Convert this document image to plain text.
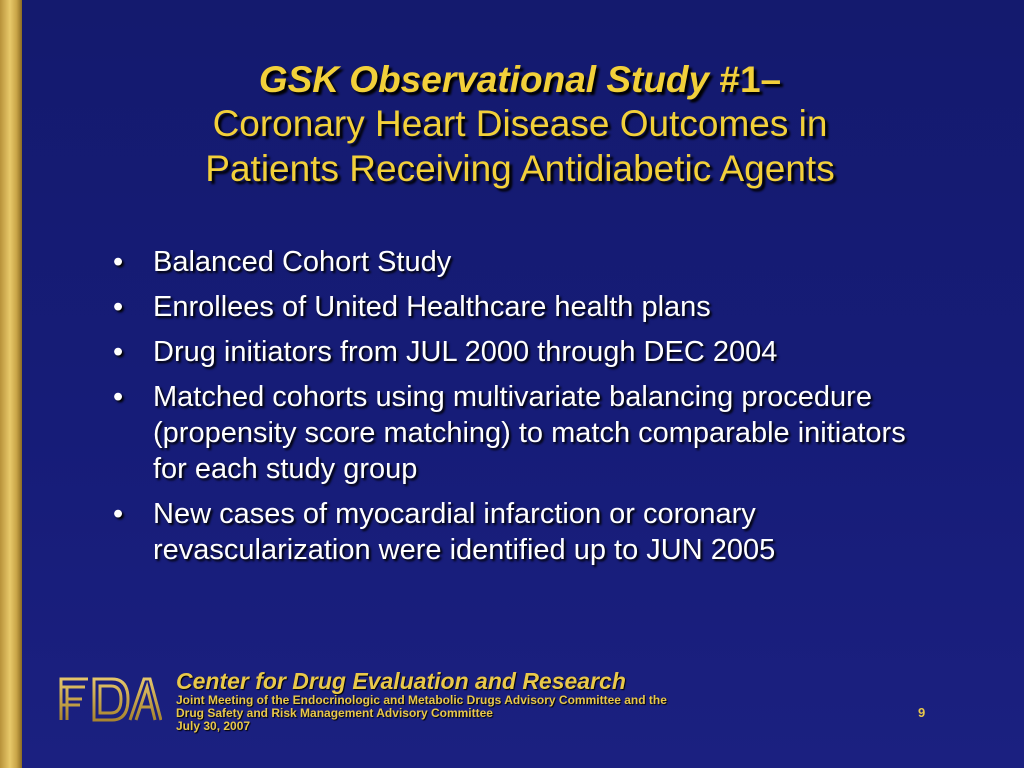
GSK Observational Study #1–
Coronary Heart Disease Outcomes in
Patients Receiving Antidiabetic Agents
• Balanced Cohort Study
• Enrollees of United Healthcare health plans
• Drug initiators from JUL 2000 through DEC 2004
• Matched cohorts using multivariate balancing procedure (propensity score matching) to match comparable initiators for each study group
• New cases of myocardial infarction or coronary revascularization were identified up to JUN 2005
Center for Drug Evaluation and Research
Joint Meeting of the Endocrinologic and Metabolic Drugs Advisory Committee and the
Drug Safety and Risk Management Advisory Committee
July 30, 2007
9
